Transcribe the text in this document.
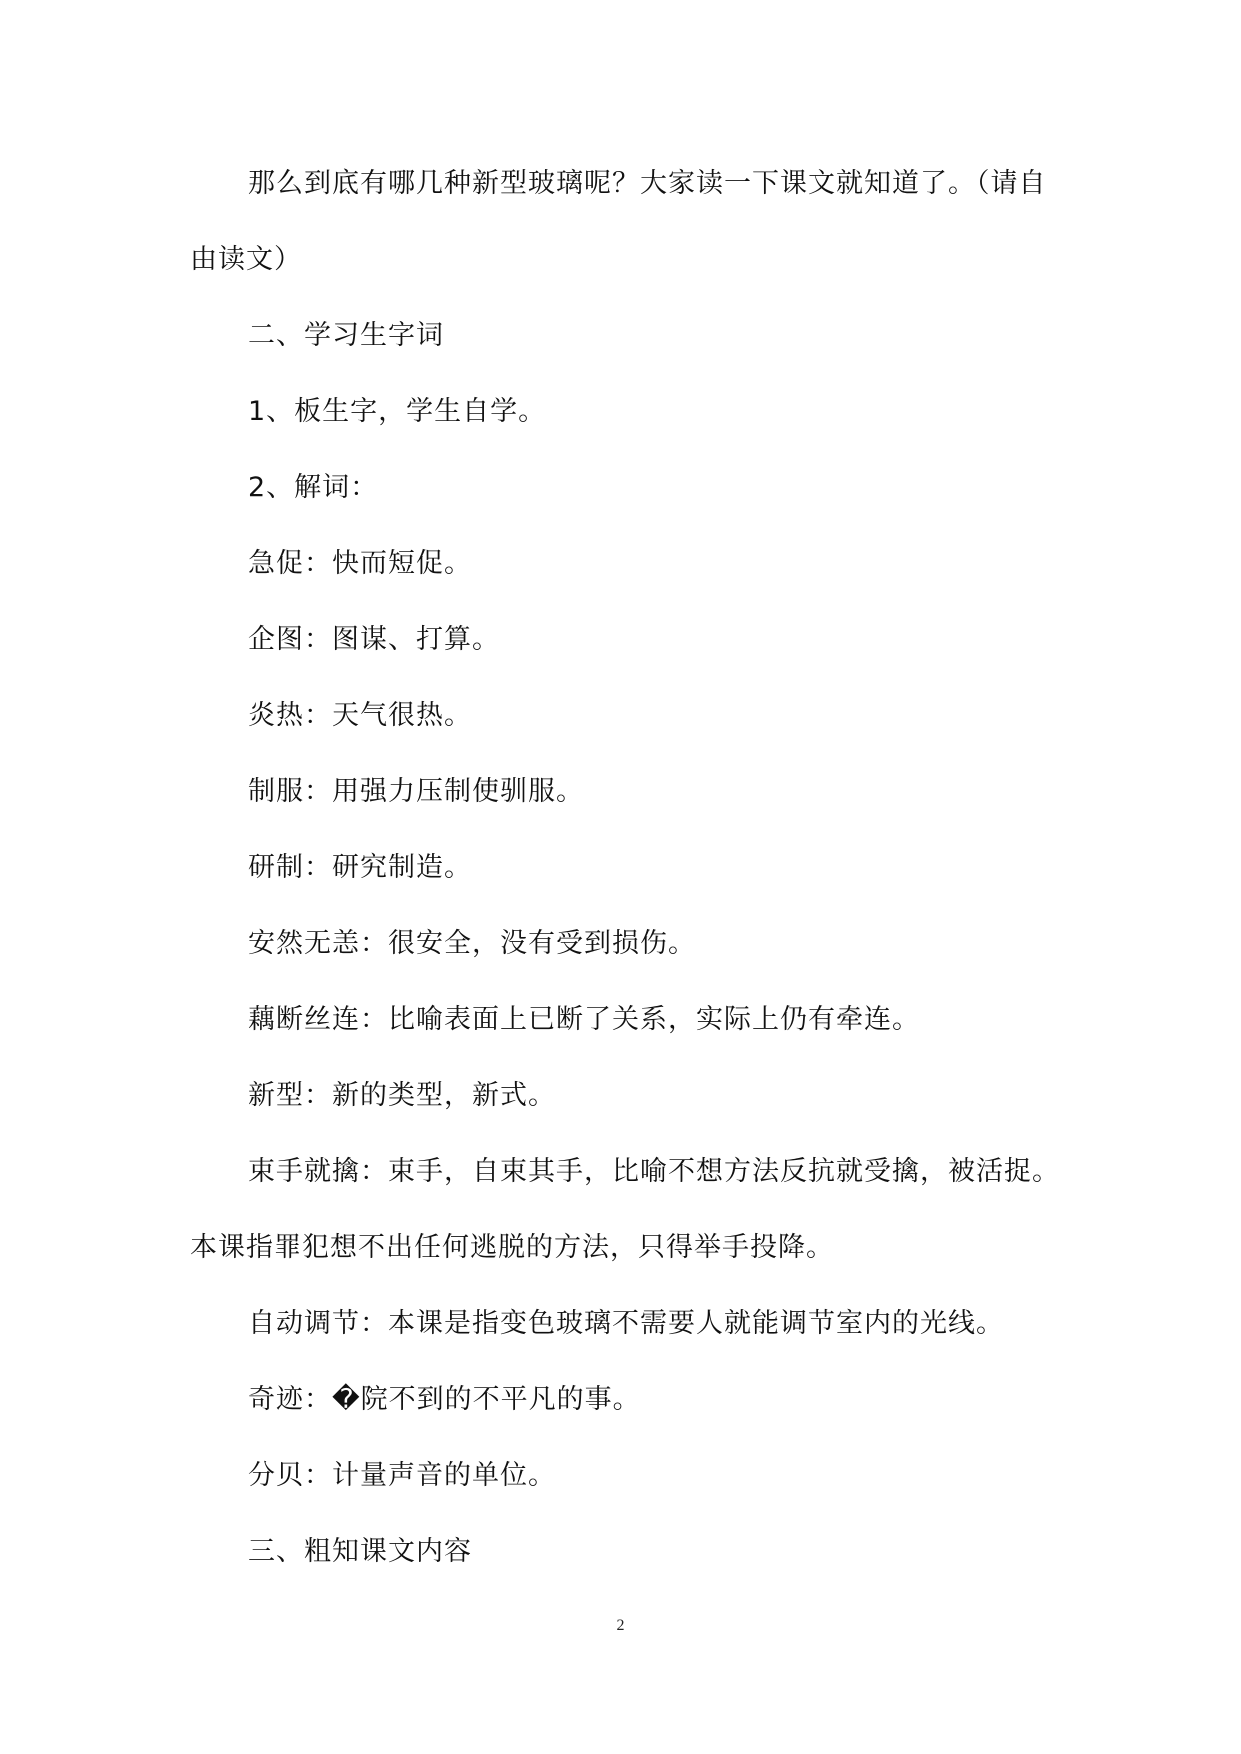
那么到底有哪几种新型玻璃呢？大家读一下课文就知道了。（请自由读文）

二、学习生字词

1、板生字，学生自学。

2、解词：

急促：快而短促。

企图：图谋、打算。

炎热：天气很热。

制服：用强力压制使驯服。

研制：研究制造。

安然无恙：很安全，没有受到损伤。

藕断丝连：比喻表面上已断了关系，实际上仍有牵连。

新型：新的类型，新式。

束手就擒：束手，自束其手，比喻不想方法反抗就受擒，被活捉。本课指罪犯想不出任何逃脱的方法，只得举手投降。

自动调节：本课是指变色玻璃不需要人就能调节室内的光线。

奇迹：�院不到的不平凡的事。

分贝：计量声音的单位。

三、粗知课文内容

2
